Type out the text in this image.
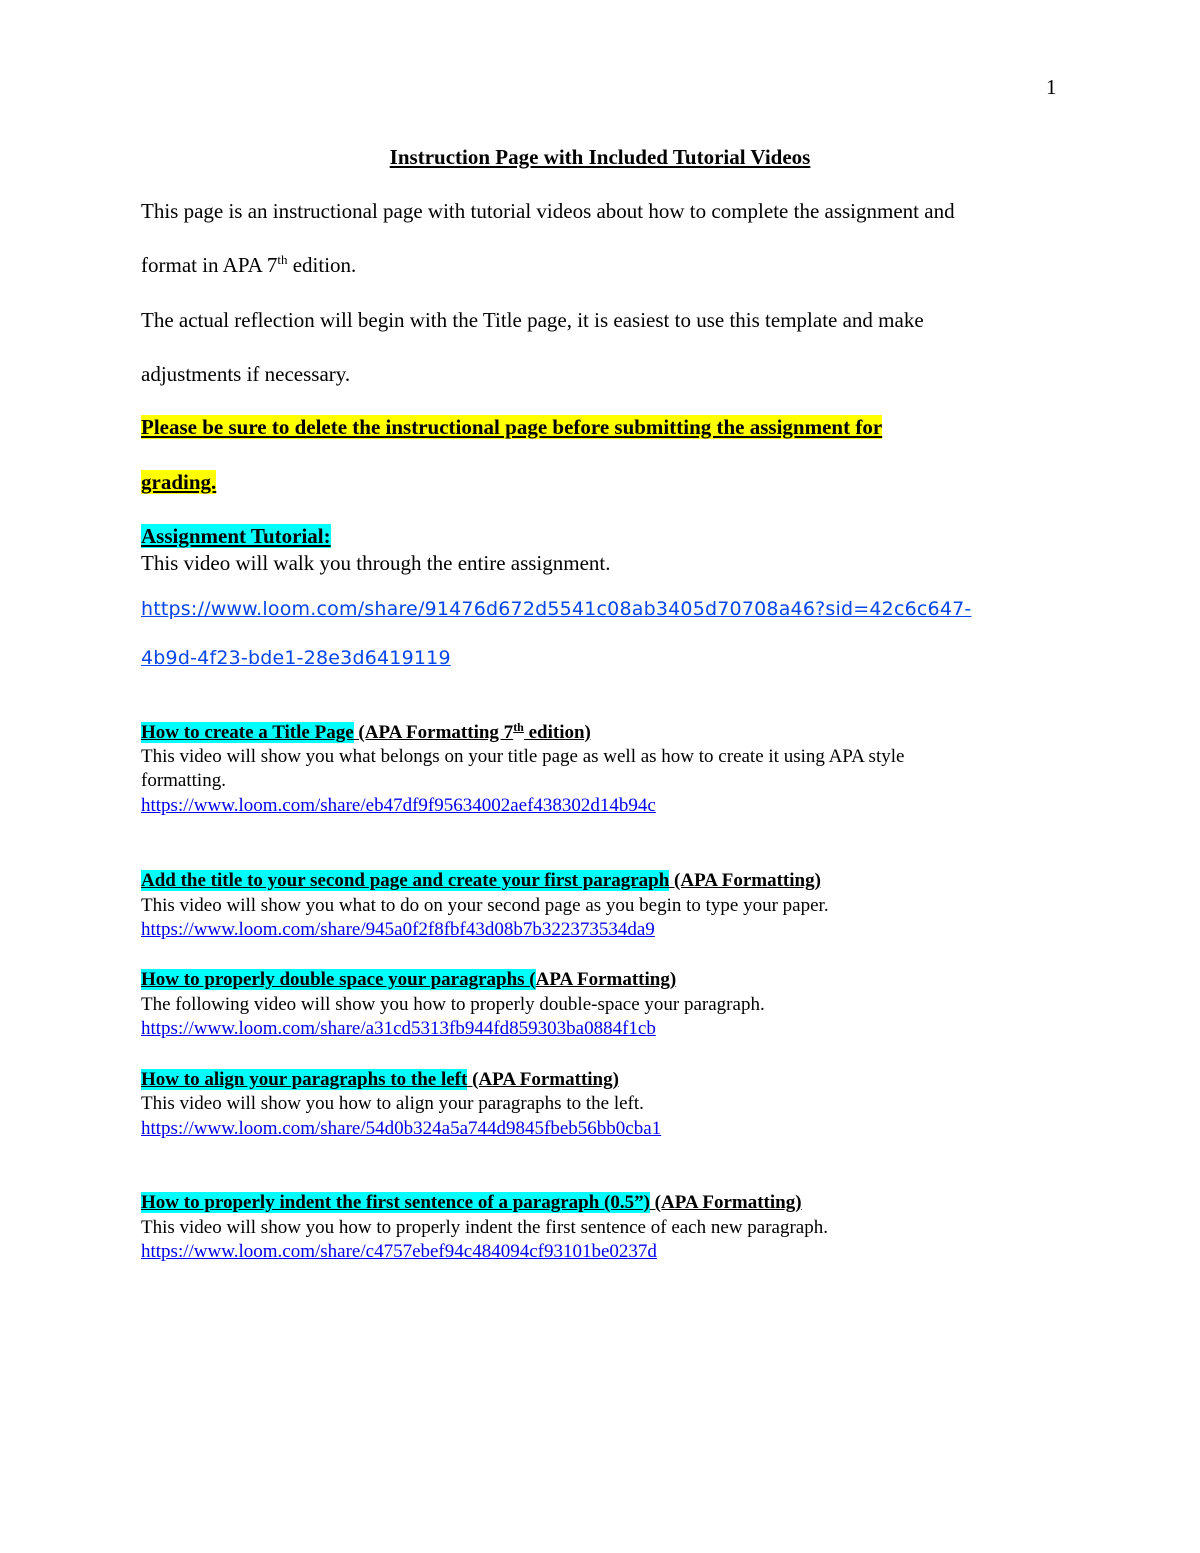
1
Instruction Page with Included Tutorial Videos
This page is an instructional page with tutorial videos about how to complete the assignment and
format in APA 7th edition.
The actual reflection will begin with the Title page, it is easiest to use this template and make
adjustments if necessary.
Please be sure to delete the instructional page before submitting the assignment for
grading.
Assignment Tutorial:
This video will walk you through the entire assignment.
https://www.loom.com/share/91476d672d5541c08ab3405d70708a46?sid=42c6c647-
4b9d-4f23-bde1-28e3d6419119
How to create a Title Page (APA Formatting 7th edition)
This video will show you what belongs on your title page as well as how to create it using APA style
formatting.
https://www.loom.com/share/eb47df9f95634002aef438302d14b94c
Add the title to your second page and create your first paragraph (APA Formatting)
This video will show you what to do on your second page as you begin to type your paper.
https://www.loom.com/share/945a0f2f8fbf43d08b7b322373534da9
How to properly double space your paragraphs (APA Formatting)
The following video will show you how to properly double-space your paragraph.
https://www.loom.com/share/a31cd5313fb944fd859303ba0884f1cb
How to align your paragraphs to the left (APA Formatting)
This video will show you how to align your paragraphs to the left.
https://www.loom.com/share/54d0b324a5a744d9845fbeb56bb0cba1
How to properly indent the first sentence of a paragraph (0.5”) (APA Formatting)
This video will show you how to properly indent the first sentence of each new paragraph.
https://www.loom.com/share/c4757ebef94c484094cf93101be0237d
